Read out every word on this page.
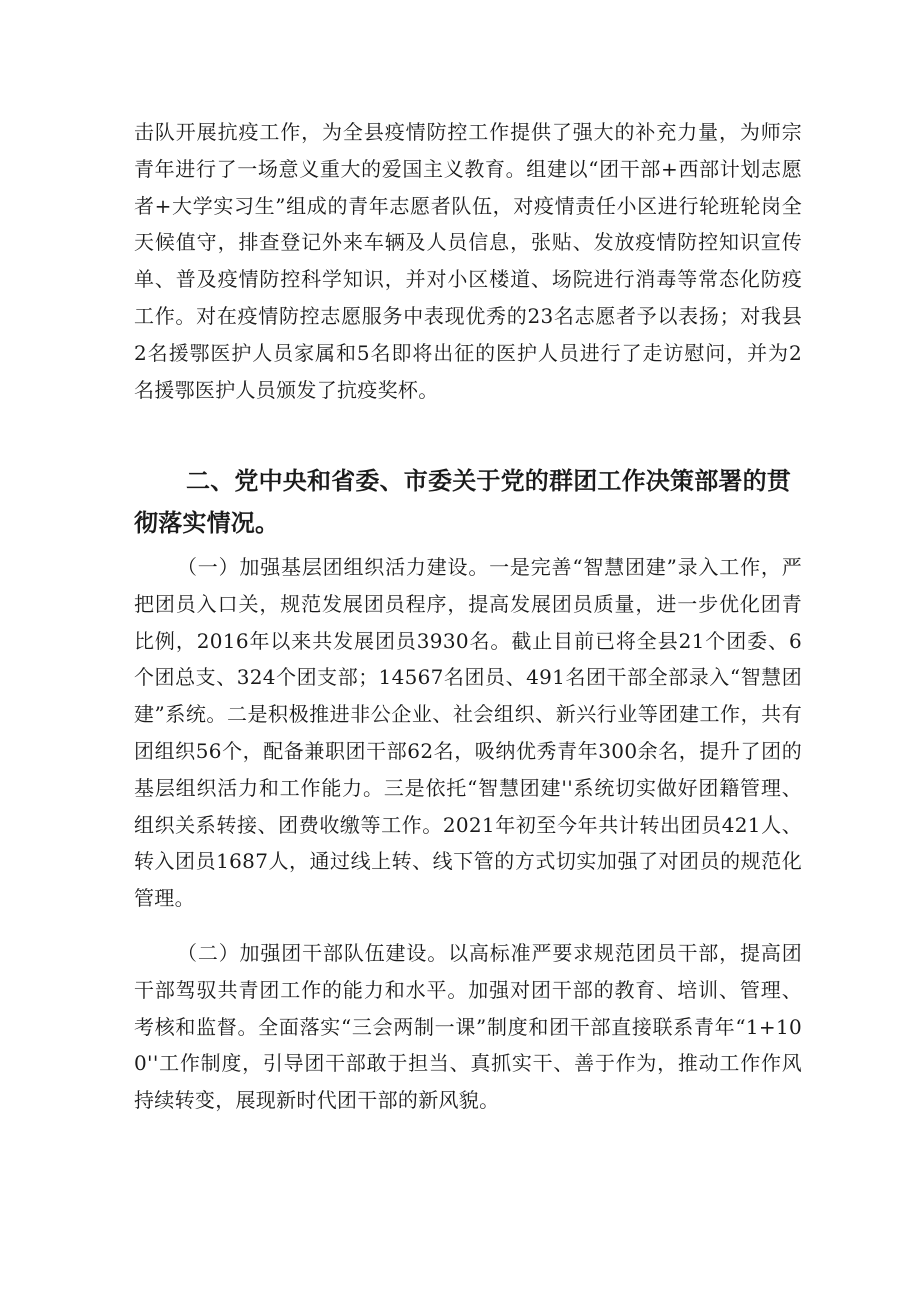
击队开展抗疫工作，为全县疫情防控工作提供了强大的补充力量，为师宗青年进行了一场意义重大的爱国主义教育。组建以“团干部+西部计划志愿者+大学实习生”组成的青年志愿者队伍，对疫情责任小区进行轮班轮岗全天候值守，排查登记外来车辆及人员信息，张贴、发放疫情防控知识宣传单、普及疫情防控科学知识，并对小区楼道、场院进行消毒等常态化防疫工作。对在疫情防控志愿服务中表现优秀的23名志愿者予以表扬；对我县2名援鄂医护人员家属和5名即将出征的医护人员进行了走访慰问，并为2名援鄂医护人员颁发了抗疫奖杯。

二、党中央和省委、市委关于党的群团工作决策部署的贯彻落实情况。

（一）加强基层团组织活力建设。一是完善“智慧团建”录入工作，严把团员入口关，规范发展团员程序，提高发展团员质量，进一步优化团青比例，2016年以来共发展团员3930名。截止目前已将全县21个团委、6个团总支、324个团支部；14567名团员、491名团干部全部录入“智慧团建”系统。二是积极推进非公企业、社会组织、新兴行业等团建工作，共有团组织56个，配备兼职团干部62名，吸纳优秀青年300余名，提升了团的基层组织活力和工作能力。三是依托“智慧团建''系统切实做好团籍管理、组织关系转接、团费收缴等工作。2021年初至今年共计转出团员421人、转入团员1687人，通过线上转、线下管的方式切实加强了对团员的规范化管理。

（二）加强团干部队伍建设。以高标准严要求规范团员干部，提高团干部驾驭共青团工作的能力和水平。加强对团干部的教育、培训、管理、考核和监督。全面落实“三会两制一课”制度和团干部直接联系青年“1+100''工作制度，引导团干部敢于担当、真抓实干、善于作为，推动工作作风持续转变，展现新时代团干部的新风貌。
